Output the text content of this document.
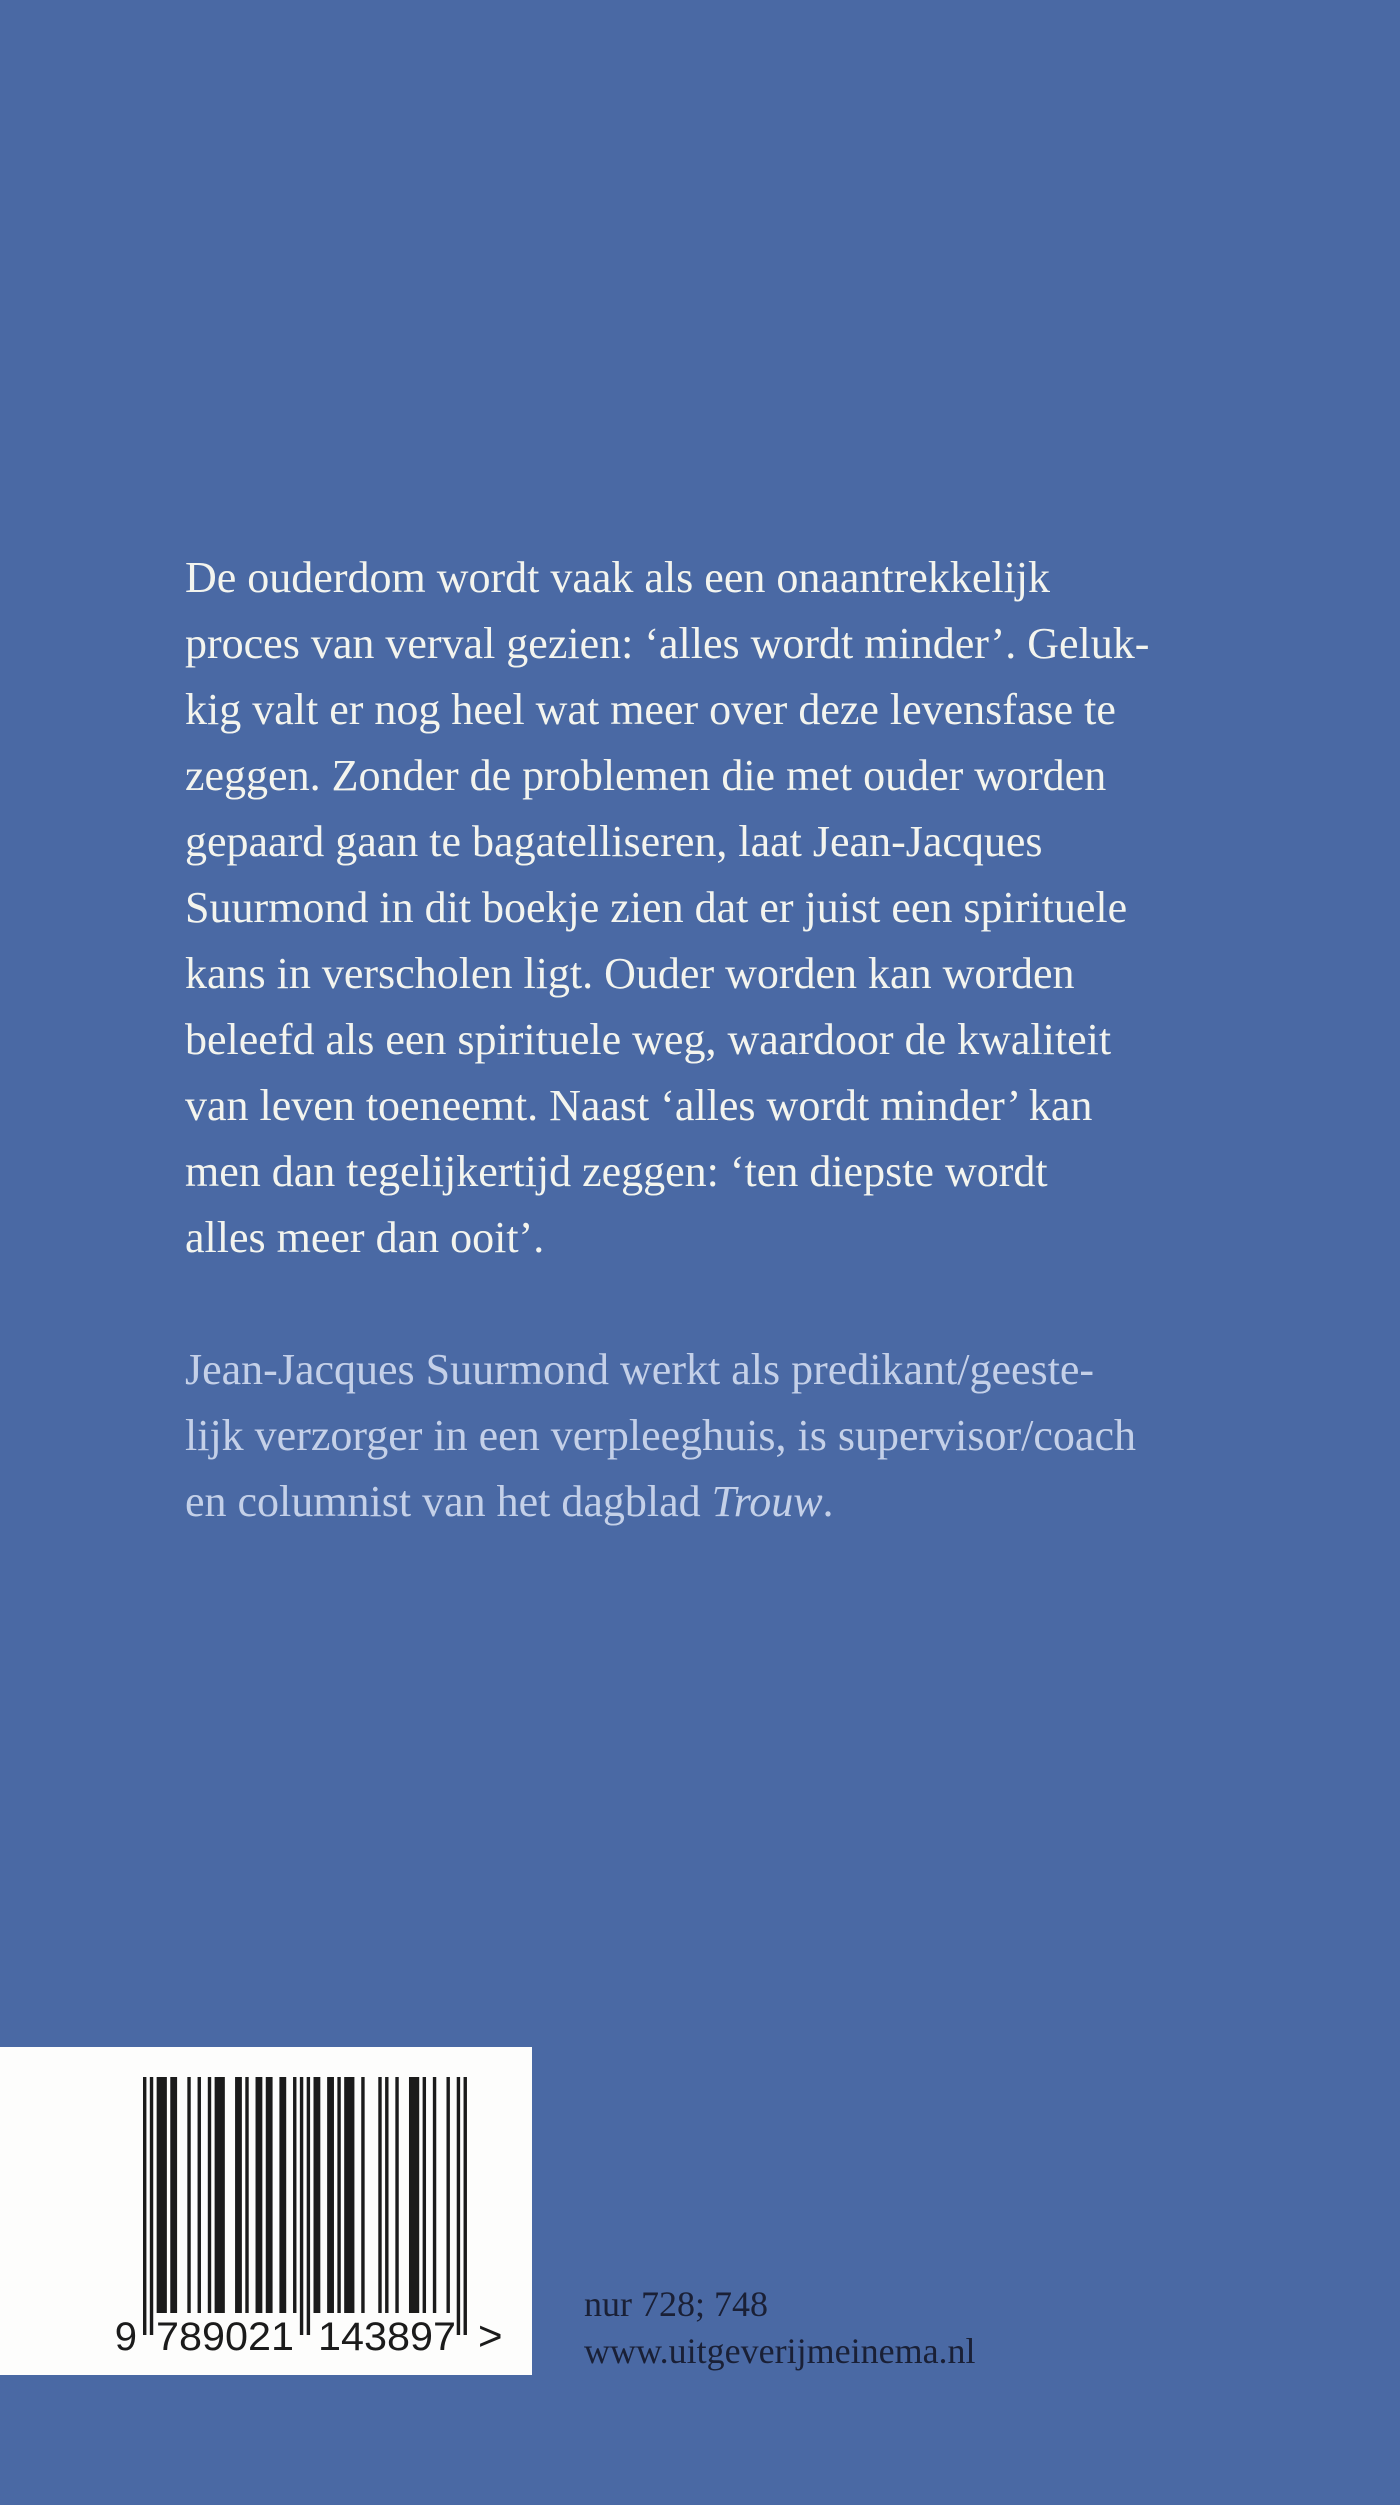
De ouderdom wordt vaak als een onaantrekkelijk
proces van verval gezien: ‘alles wordt minder’. Geluk-
kig valt er nog heel wat meer over deze levensfase te
zeggen. Zonder de problemen die met ouder worden
gepaard gaan te bagatelliseren, laat Jean-Jacques
Suurmond in dit boekje zien dat er juist een spirituele
kans in verscholen ligt. Ouder worden kan worden
beleefd als een spirituele weg, waardoor de kwaliteit
van leven toeneemt. Naast ‘alles wordt minder’ kan
men dan tegelijkertijd zeggen: ‘ten diepste wordt
alles meer dan ooit’.
Jean-Jacques Suurmond werkt als predikant/geeste-
lijk verzorger in een verpleeghuis, is supervisor/coach
en columnist van het dagblad Trouw.
9 789021 143897 >
nur 728; 748
www.uitgeverijmeinema.nl
